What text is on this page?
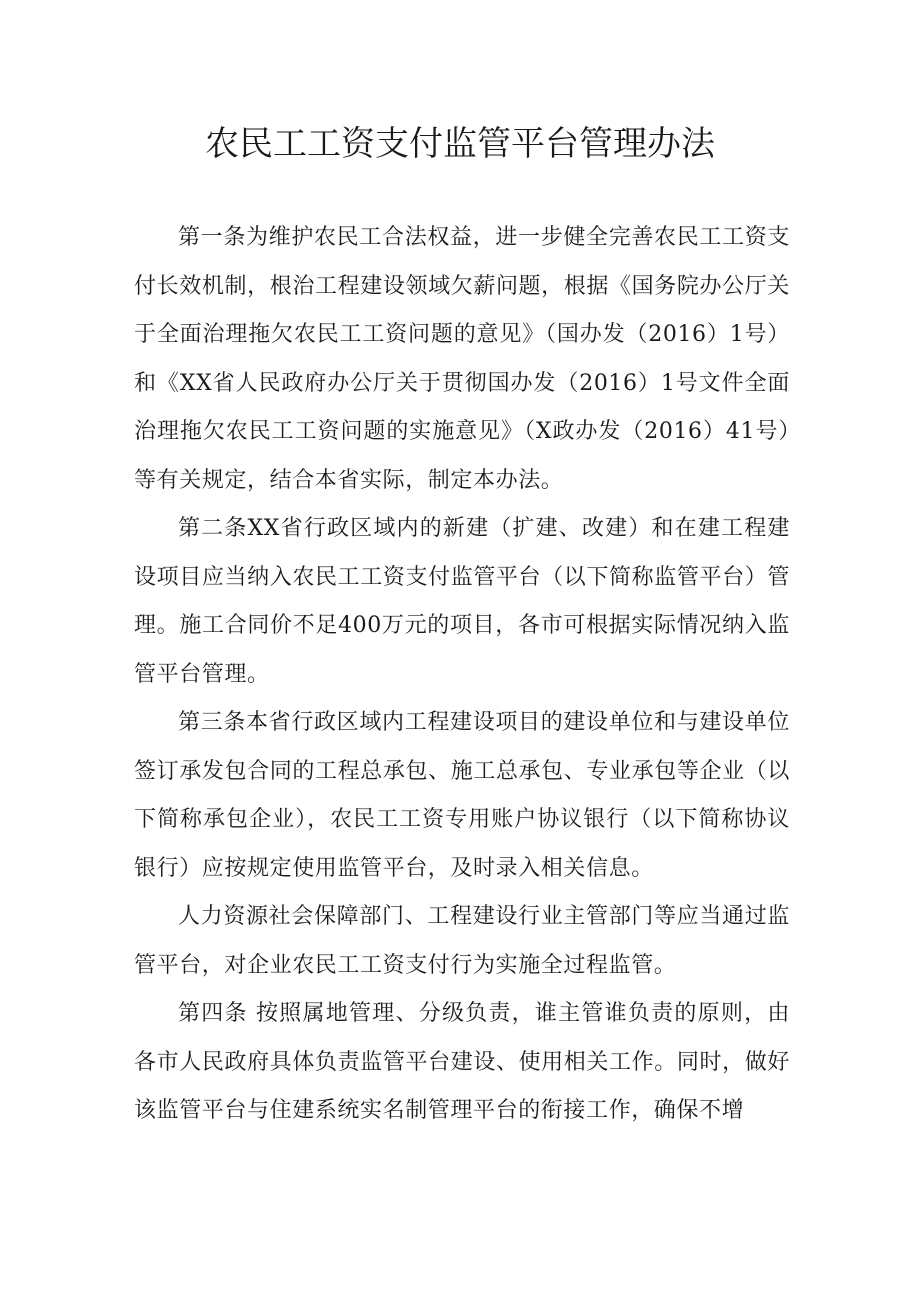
农民工工资支付监管平台管理办法

第一条为维护农民工合法权益，进一步健全完善农民工工资支付长效机制，根治工程建设领域欠薪问题，根据《国务院办公厅关于全面治理拖欠农民工工资问题的意见》（国办发（2016）1号）和《XX省人民政府办公厅关于贯彻国办发（2016）1号文件全面治理拖欠农民工工资问题的实施意见》（X政办发（2016）41号）等有关规定，结合本省实际，制定本办法。

第二条XX省行政区域内的新建（扩建、改建）和在建工程建设项目应当纳入农民工工资支付监管平台（以下简称监管平台）管理。施工合同价不足400万元的项目，各市可根据实际情况纳入监管平台管理。

第三条本省行政区域内工程建设项目的建设单位和与建设单位签订承发包合同的工程总承包、施工总承包、专业承包等企业（以下简称承包企业），农民工工资专用账户协议银行（以下简称协议银行）应按规定使用监管平台，及时录入相关信息。

人力资源社会保障部门、工程建设行业主管部门等应当通过监管平台，对企业农民工工资支付行为实施全过程监管。

第四条 按照属地管理、分级负责，谁主管谁负责的原则，由各市人民政府具体负责监管平台建设、使用相关工作。同时，做好该监管平台与住建系统实名制管理平台的衔接工作，确保不增
